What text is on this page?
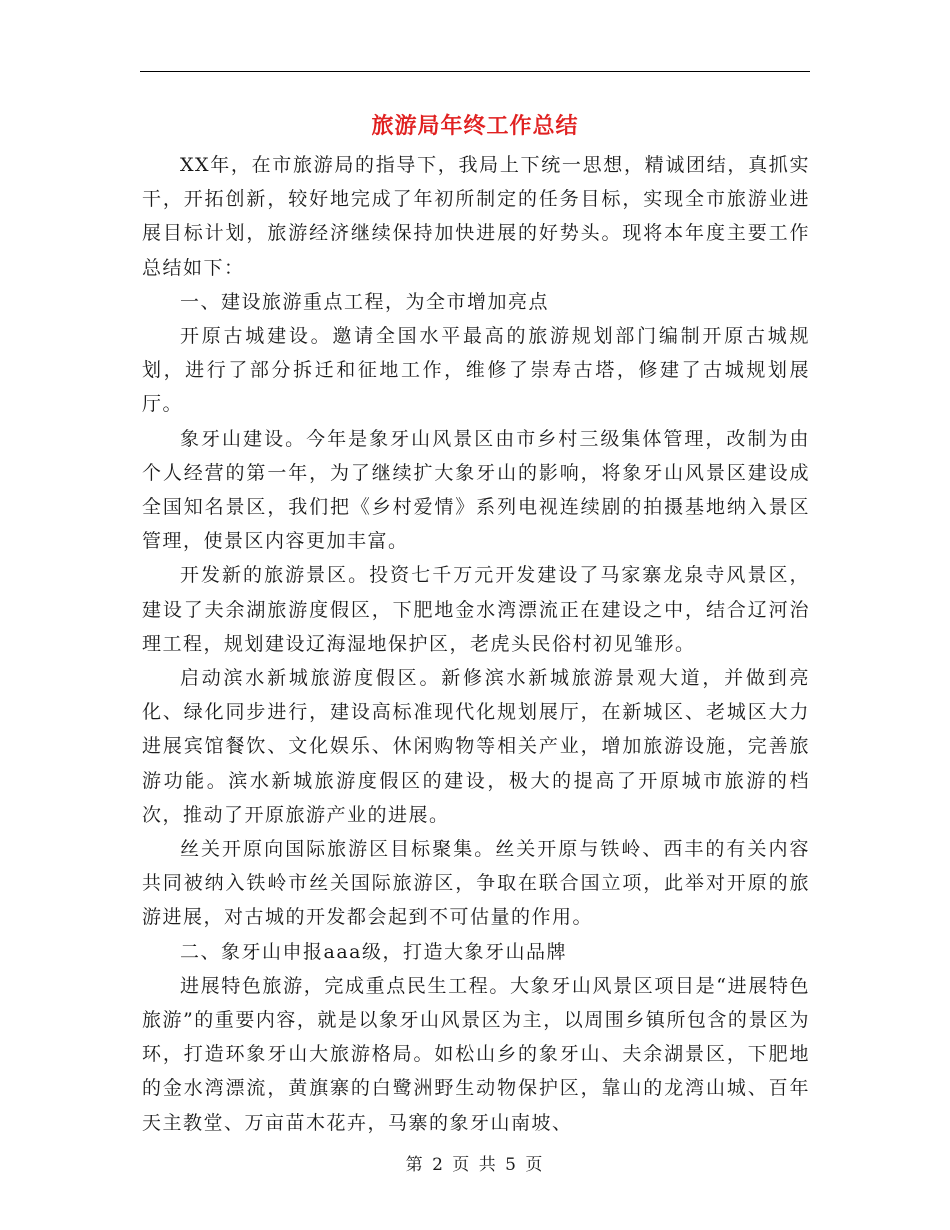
旅游局年终工作总结

XX年，在市旅游局的指导下，我局上下统一思想，精诚团结，真抓实干，开拓创新，较好地完成了年初所制定的任务目标，实现全市旅游业进展目标计划，旅游经济继续保持加快进展的好势头。现将本年度主要工作总结如下：

一、建设旅游重点工程，为全市增加亮点

开原古城建设。邀请全国水平最高的旅游规划部门编制开原古城规划，进行了部分拆迁和征地工作，维修了崇寿古塔，修建了古城规划展厅。

象牙山建设。今年是象牙山风景区由市乡村三级集体管理，改制为由个人经营的第一年，为了继续扩大象牙山的影响，将象牙山风景区建设成全国知名景区，我们把《乡村爱情》系列电视连续剧的拍摄基地纳入景区管理，使景区内容更加丰富。

开发新的旅游景区。投资七千万元开发建设了马家寨龙泉寺风景区，建设了夫余湖旅游度假区，下肥地金水湾漂流正在建设之中，结合辽河治理工程，规划建设辽海湿地保护区，老虎头民俗村初见雏形。

启动滨水新城旅游度假区。新修滨水新城旅游景观大道，并做到亮化、绿化同步进行，建设高标准现代化规划展厅，在新城区、老城区大力进展宾馆餐饮、文化娱乐、休闲购物等相关产业，增加旅游设施，完善旅游功能。滨水新城旅游度假区的建设，极大的提高了开原城市旅游的档次，推动了开原旅游产业的进展。

丝关开原向国际旅游区目标聚集。丝关开原与铁岭、西丰的有关内容共同被纳入铁岭市丝关国际旅游区，争取在联合国立项，此举对开原的旅游进展，对古城的开发都会起到不可估量的作用。

二、象牙山申报aaa级，打造大象牙山品牌

进展特色旅游，完成重点民生工程。大象牙山风景区项目是“进展特色旅游”的重要内容，就是以象牙山风景区为主，以周围乡镇所包含的景区为环，打造环象牙山大旅游格局。如松山乡的象牙山、夫余湖景区，下肥地的金水湾漂流，黄旗寨的白鹭洲野生动物保护区，靠山的龙湾山城、百年天主教堂、万亩苗木花卉，马寨的象牙山南坡、

第 2 页 共 5 页
